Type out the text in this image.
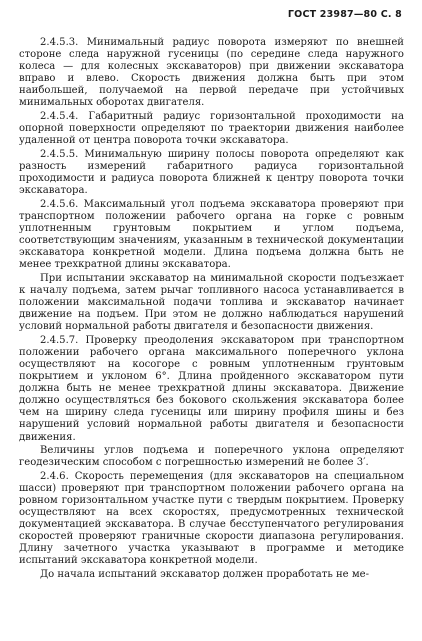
ГОСТ 23987—80 С. 8

2.4.5.3. Минимальный радиус поворота измеряют по внешней стороне следа наружной гусеницы (по середине следа наружного колеса — для колесных экскаваторов) при движении экскаватора вправо и влево. Скорость движения должна быть при этом наибольшей, получаемой на первой передаче при устойчивых минимальных оборотах двигателя.

2.4.5.4. Габаритный радиус горизонтальной проходимости на опорной поверхности определяют по траектории движения наиболее удаленной от центра поворота точки экскаватора.

2.4.5.5. Минимальную ширину полосы поворота определяют как разность измерений габаритного радиуса горизонтальной проходимости и радиуса поворота ближней к центру поворота точки экскаватора.

2.4.5.6. Максимальный угол подъема экскаватора проверяют при транспортном положении рабочего органа на горке с ровным уплотненным грунтовым покрытием и углом подъема, соответствующим значениям, указанным в технической документации экскаватора конкретной модели. Длина подъема должна быть не менее трехкратной длины экскаватора.

При испытании экскаватор на минимальной скорости подъезжает к началу подъема, затем рычаг топливного насоса устанавливается в положении максимальной подачи топлива и экскаватор начинает движение на подъем. При этом не должно наблюдаться нарушений условий нормальной работы двигателя и безопасности движения.

2.4.5.7. Проверку преодоления экскаватором при транспортном положении рабочего органа максимального поперечного уклона осуществляют на косогоре с ровным уплотненным грунтовым покрытием и уклоном 6°. Длина пройденного экскаватором пути должна быть не менее трехкратной длины экскаватора. Движение должно осуществляться без бокового скольжения экскаватора более чем на ширину следа гусеницы или ширину профиля шины и без нарушений условий нормальной работы двигателя и безопасности движения.

Величины углов подъема и поперечного уклона определяют геодезическим способом с погрешностью измерений не более 3′.

2.4.6. Скорость перемещения (для экскаваторов на специальном шасси) проверяют при транспортном положении рабочего органа на ровном горизонтальном участке пути с твердым покрытием. Проверку осуществляют на всех скоростях, предусмотренных технической документацией экскаватора. В случае бесступенчатого регулирования скоростей проверяют граничные скорости диапазона регулирования. Длину зачетного участка указывают в программе и методике испытаний экскаватора конкретной модели.

До начала испытаний экскаватор должен проработать не ме-
